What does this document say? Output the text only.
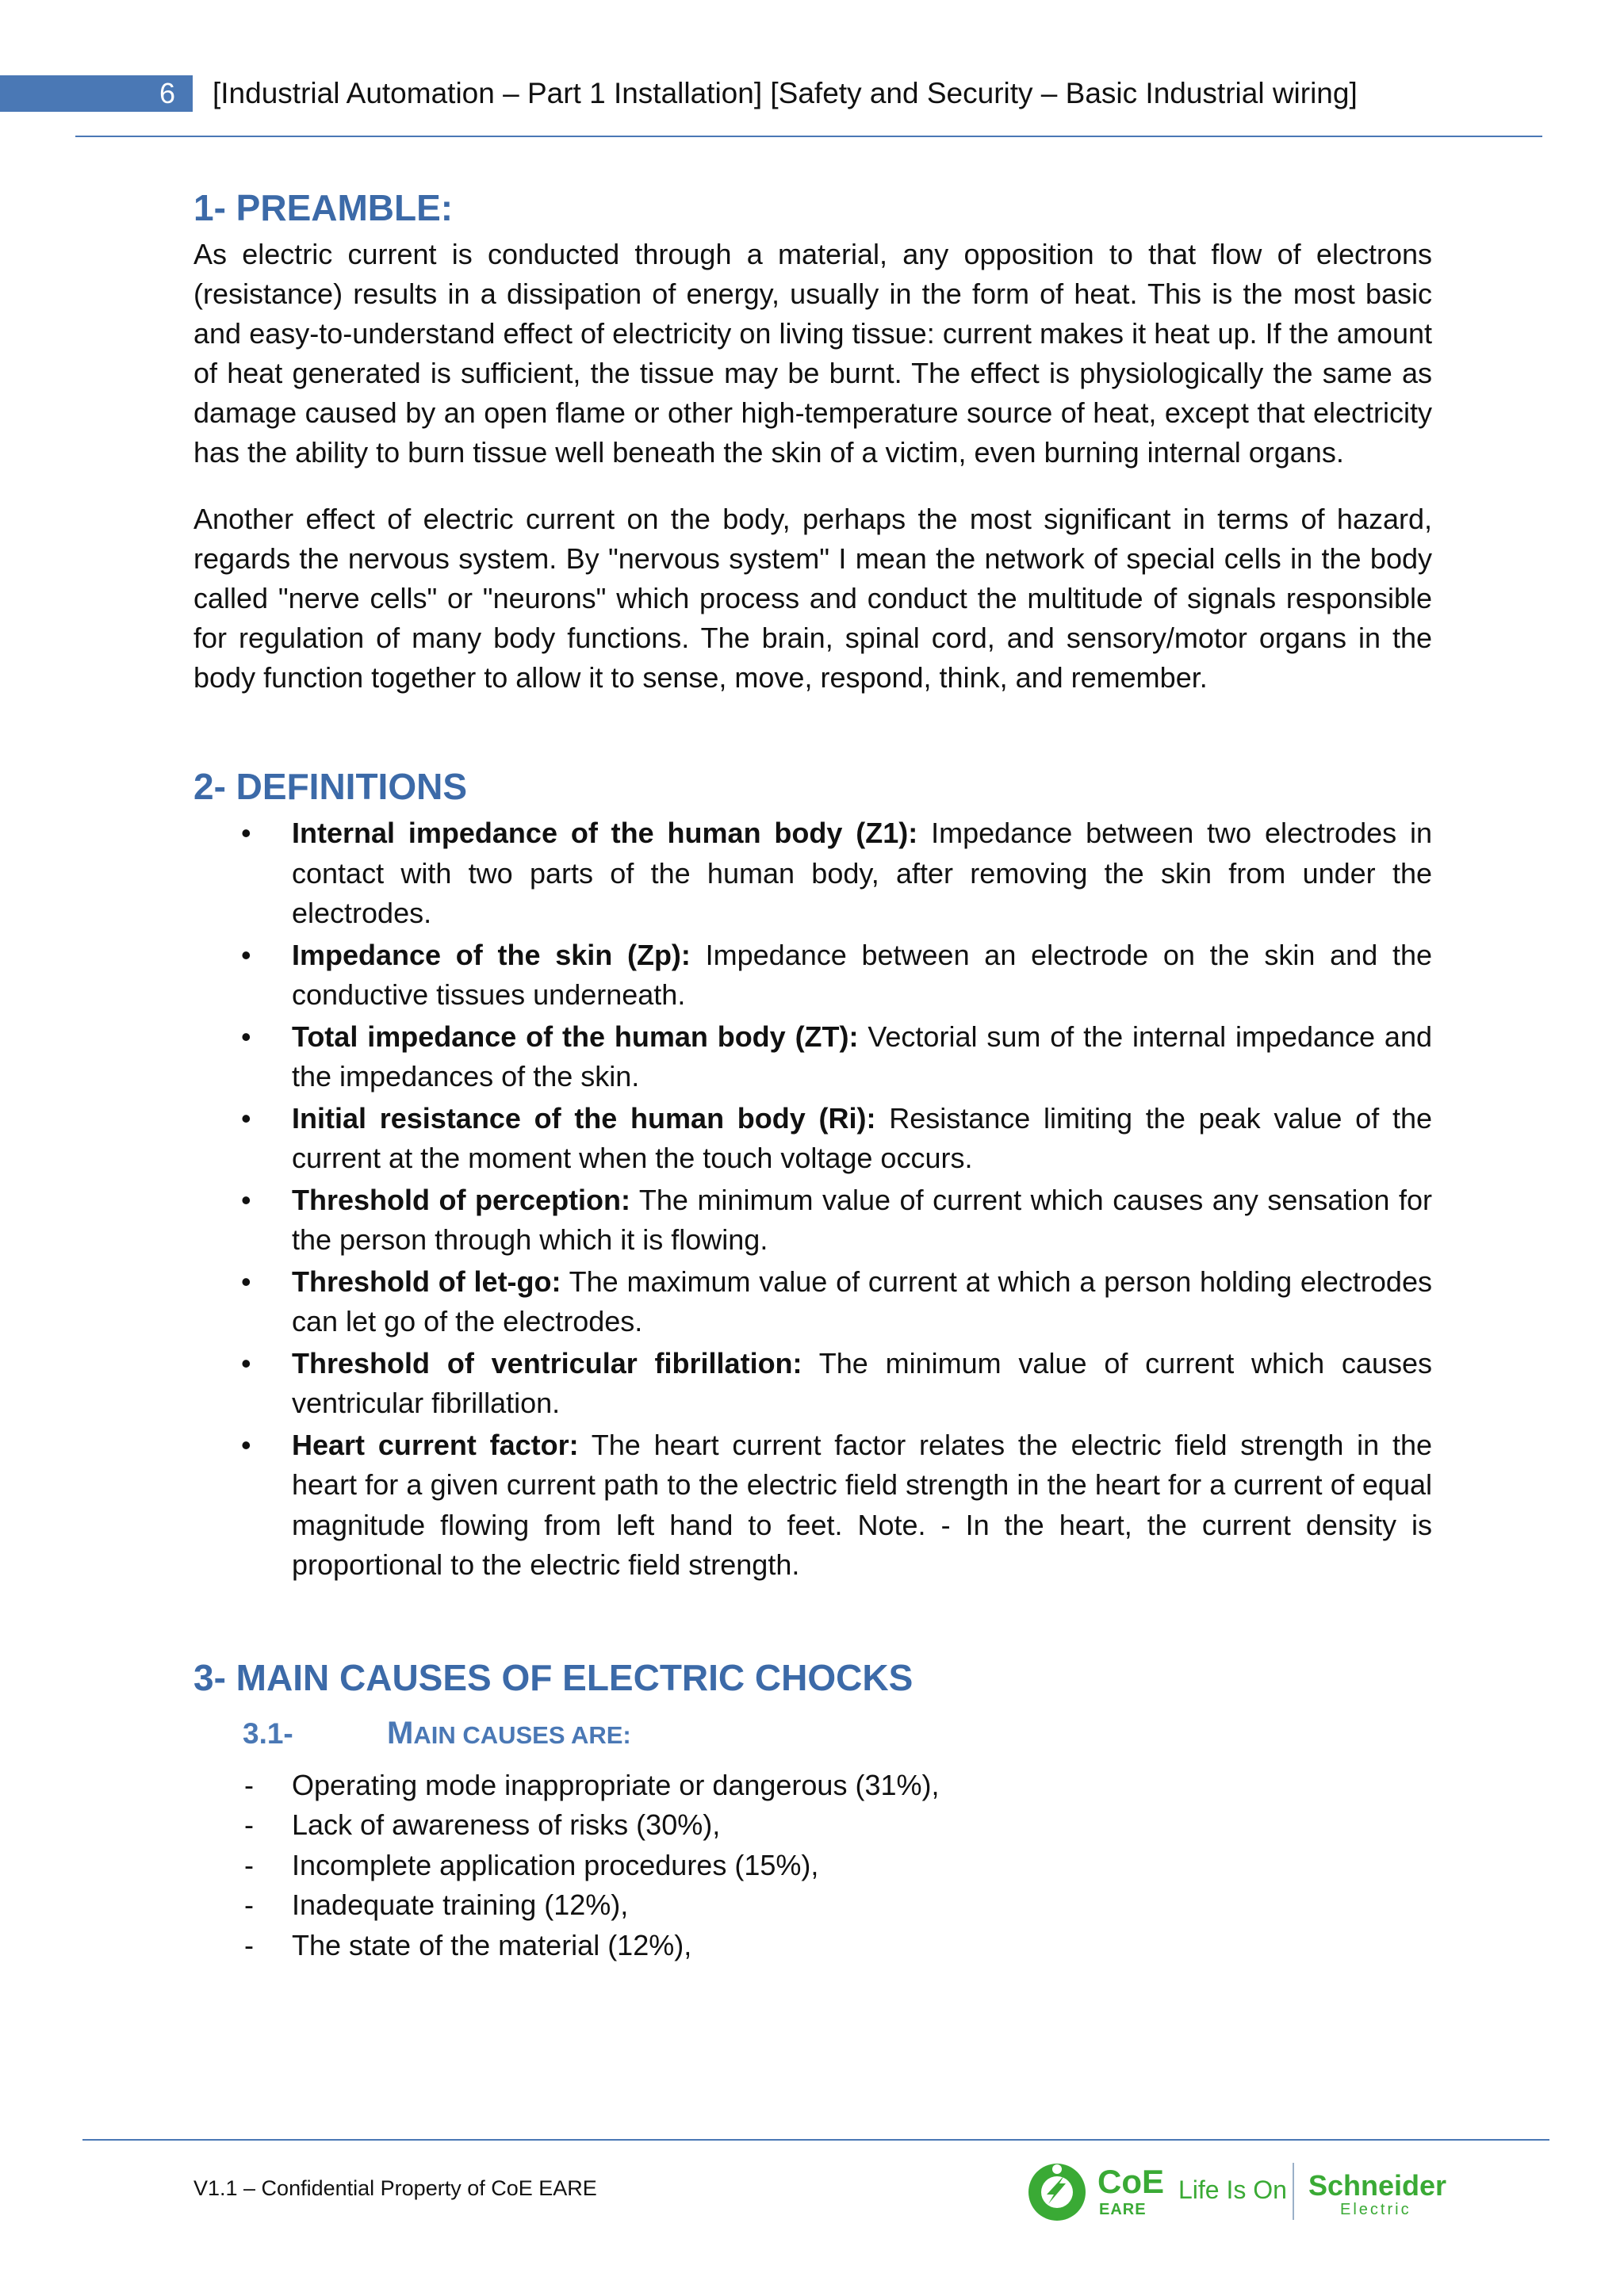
6	[Industrial Automation – Part 1 Installation] [Safety and Security – Basic Industrial wiring]
1- PREAMBLE:

As electric current is conducted through a material, any opposition to that flow of electrons (resistance) results in a dissipation of energy, usually in the form of heat. This is the most basic and easy-to-understand effect of electricity on living tissue: current makes it heat up. If the amount of heat generated is sufficient, the tissue may be burnt. The effect is physiologically the same as damage caused by an open flame or other high-temperature source of heat, except that electricity has the ability to burn tissue well beneath the skin of a victim, even burning internal organs.

Another effect of electric current on the body, perhaps the most significant in terms of hazard, regards the nervous system. By "nervous system" I mean the network of special cells in the body called "nerve cells" or "neurons" which process and conduct the multitude of signals responsible for regulation of many body functions. The brain, spinal cord, and sensory/motor organs in the body function together to allow it to sense, move, respond, think, and remember.

2- DEFINITIONS
• Internal impedance of the human body (Z1): Impedance between two electrodes in contact with two parts of the human body, after removing the skin from under the electrodes.
• Impedance of the skin (Zp): Impedance between an electrode on the skin and the conductive tissues underneath.
• Total impedance of the human body (ZT): Vectorial sum of the internal impedance and the impedances of the skin.
• Initial resistance of the human body (Ri): Resistance limiting the peak value of the current at the moment when the touch voltage occurs.
• Threshold of perception: The minimum value of current which causes any sensation for the person through which it is flowing.
• Threshold of let-go: The maximum value of current at which a person holding electrodes can let go of the electrodes.
• Threshold of ventricular fibrillation: The minimum value of current which causes ventricular fibrillation.
• Heart current factor: The heart current factor relates the electric field strength in the heart for a given current path to the electric field strength in the heart for a current of equal magnitude flowing from left hand to feet. Note. - In the heart, the current density is proportional to the electric field strength.
3- MAIN CAUSES OF ELECTRIC CHOCKS
3.1-	MAIN CAUSES ARE:
- Operating mode inappropriate or dangerous (31%),
- Lack of awareness of risks (30%),
- Incomplete application procedures (15%),
- Inadequate training (12%),
- The state of the material (12%),
V1.1 – Confidential Property of CoE EARE	CoE
EARE
Life Is On Schneider
Electric
